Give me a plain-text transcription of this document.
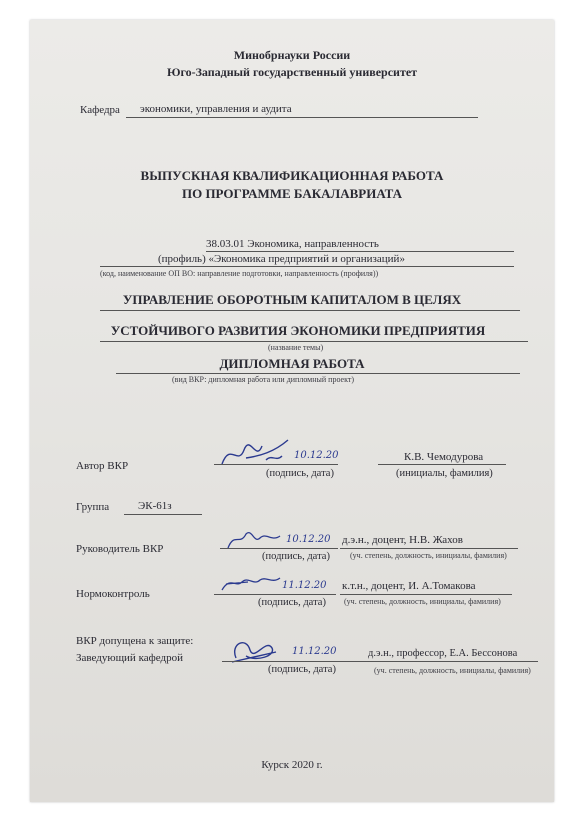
Минобрнауки России
Юго-Западный государственный университет
Кафедра экономики, управления и аудита
ВЫПУСКНАЯ КВАЛИФИКАЦИОННАЯ РАБОТА
ПО ПРОГРАММЕ БАКАЛАВРИАТА
38.03.01 Экономика, направленность
(профиль) «Экономика предприятий и организаций»
(код, наименование ОП ВО: направление подготовки, направленность (профиля))
УПРАВЛЕНИЕ ОБОРОТНЫМ КАПИТАЛОМ В ЦЕЛЯХ
УСТОЙЧИВОГО РАЗВИТИЯ ЭКОНОМИКИ ПРЕДПРИЯТИЯ
(название темы)
ДИПЛОМНАЯ РАБОТА
(вид ВКР: дипломная работа или дипломный проект)
Автор ВКР
10.12.20
(подпись, дата)
К.В. Чемодурова
(инициалы, фамилия)
Группа	ЭК-61з
Руководитель ВКР
10.12.20
(подпись, дата)
д.э.н., доцент, Н.В. Жахов
(уч. степень, должность, инициалы, фамилия)
Нормоконтроль
11.12.20
(подпись, дата)
к.т.н., доцент, И. А.Томакова
(уч. степень, должность, инициалы, фамилия)
ВКР допущена к защите:
Заведующий кафедрой
11.12.20
(подпись, дата)
д.э.н., профессор, Е.А. Бессонова
(уч. степень, должность, инициалы, фамилия)
Курск 2020 г.
